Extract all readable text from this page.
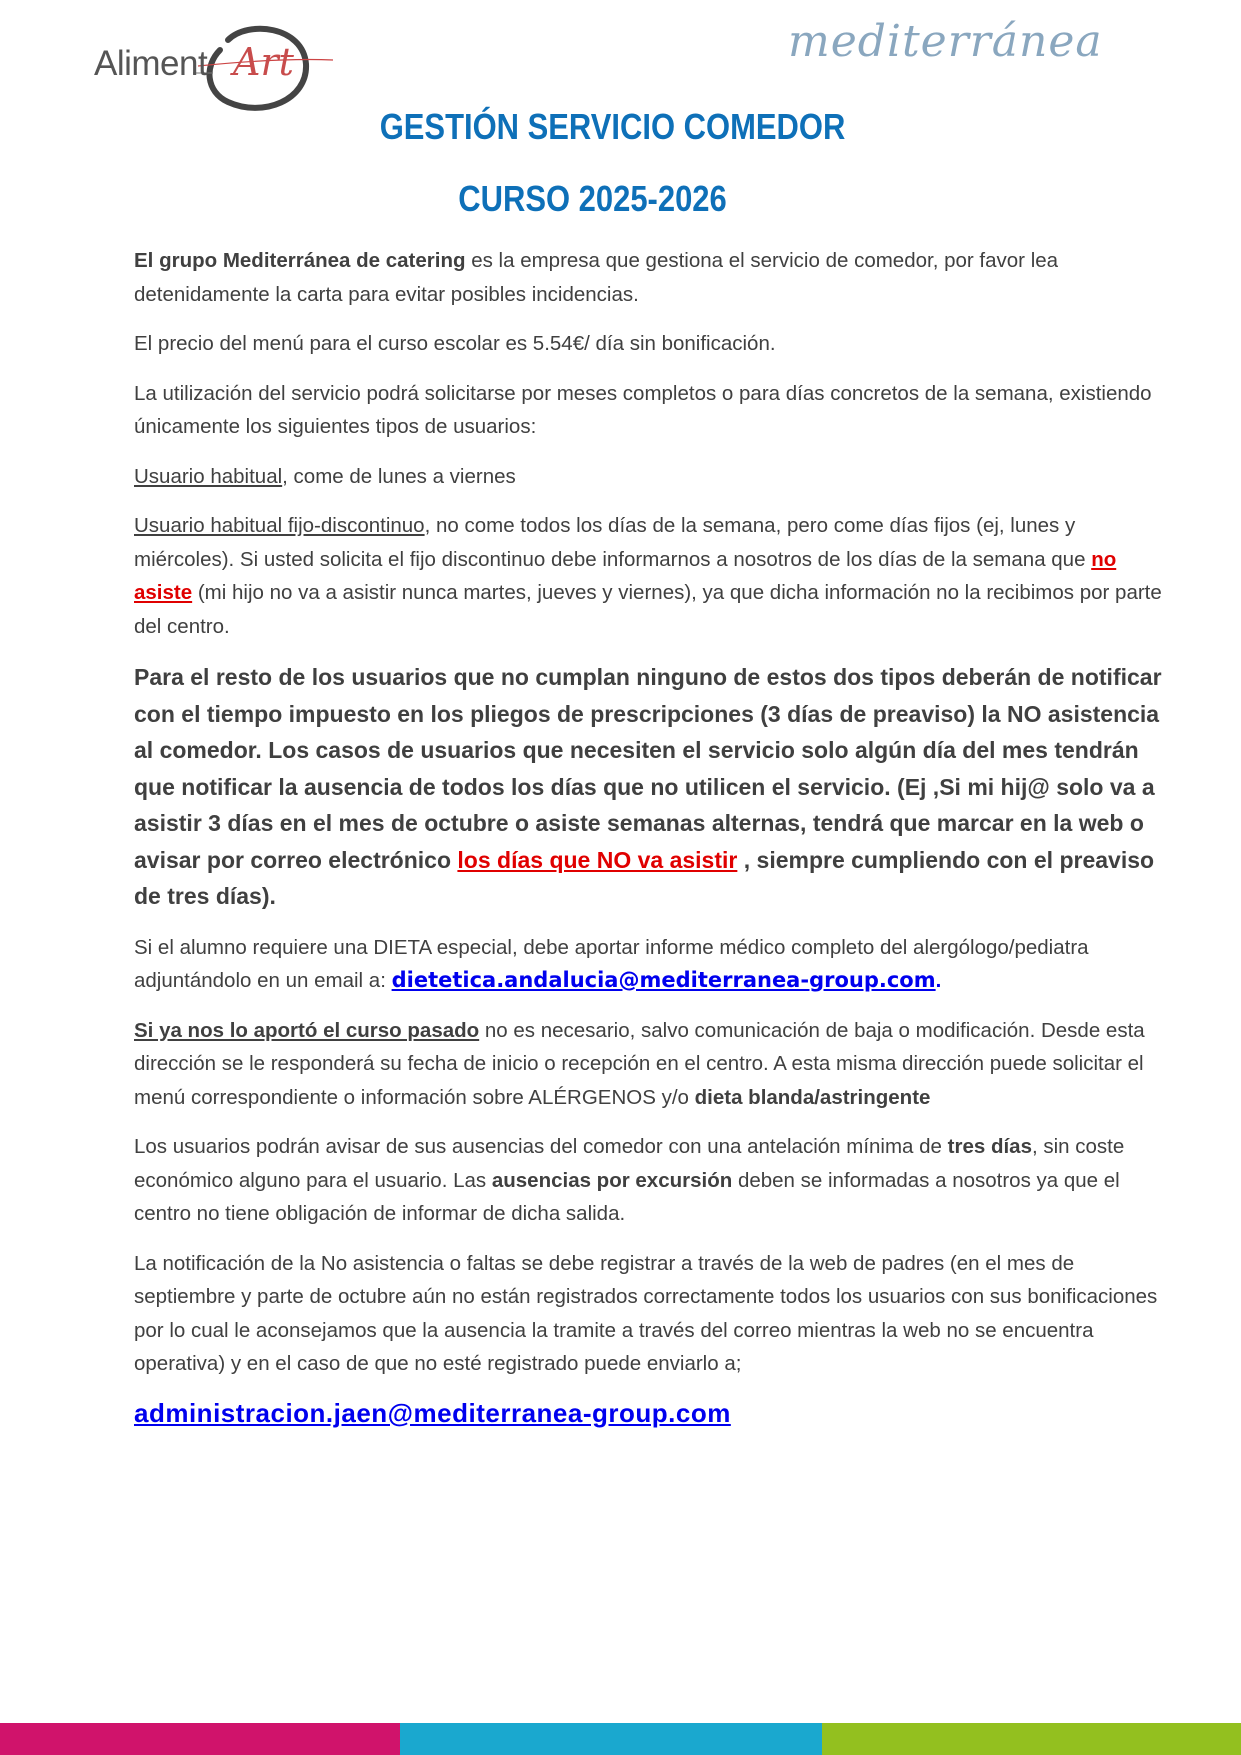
Aliment Art	mediterránea
GESTIÓN SERVICIO COMEDOR
CURSO 2025-2026

El grupo Mediterránea de catering es la empresa que gestiona el servicio de comedor, por favor lea detenidamente la carta para evitar posibles incidencias.

El precio del menú para el curso escolar es 5.54€/ día sin bonificación.

La utilización del servicio podrá solicitarse por meses completos o para días concretos de la semana, existiendo únicamente los siguientes tipos de usuarios:

Usuario habitual, come de lunes a viernes

Usuario habitual fijo-discontinuo, no come todos los días de la semana, pero come días fijos (ej, lunes y miércoles). Si usted solicita el fijo discontinuo debe informarnos a nosotros de los días de la semana que no asiste (mi hijo no va a asistir nunca martes, jueves y viernes), ya que dicha información no la recibimos por parte del centro.

Para el resto de los usuarios que no cumplan ninguno de estos dos tipos deberán de notificar con el tiempo impuesto en los pliegos de prescripciones (3 días de preaviso) la NO asistencia al comedor. Los casos de usuarios que necesiten el servicio solo algún día del mes tendrán que notificar la ausencia de todos los días que no utilicen el servicio. (Ej ,Si mi hij@ solo va a asistir 3 días en el mes de octubre o asiste semanas alternas, tendrá que marcar en la web o avisar por correo electrónico los días que NO va asistir , siempre cumpliendo con el preaviso de tres días).

Si el alumno requiere una DIETA especial, debe aportar informe médico completo del alergólogo/pediatra adjuntándolo en un email a: dietetica.andalucia@mediterranea-group.com.

Si ya nos lo aportó el curso pasado no es necesario, salvo comunicación de baja o modificación. Desde esta dirección se le responderá su fecha de inicio o recepción en el centro. A esta misma dirección puede solicitar el menú correspondiente o información sobre ALÉRGENOS y/o dieta blanda/astringente

Los usuarios podrán avisar de sus ausencias del comedor con una antelación mínima de tres días, sin coste económico alguno para el usuario. Las ausencias por excursión deben se informadas a nosotros ya que el centro no tiene obligación de informar de dicha salida.

La notificación de la No asistencia o faltas se debe registrar a través de la web de padres (en el mes de septiembre y parte de octubre aún no están registrados correctamente todos los usuarios con sus bonificaciones por lo cual le aconsejamos que la ausencia la tramite a través del correo mientras la web no se encuentra operativa) y en el caso de que no esté registrado puede enviarlo a;

administracion.jaen@mediterranea-group.com
